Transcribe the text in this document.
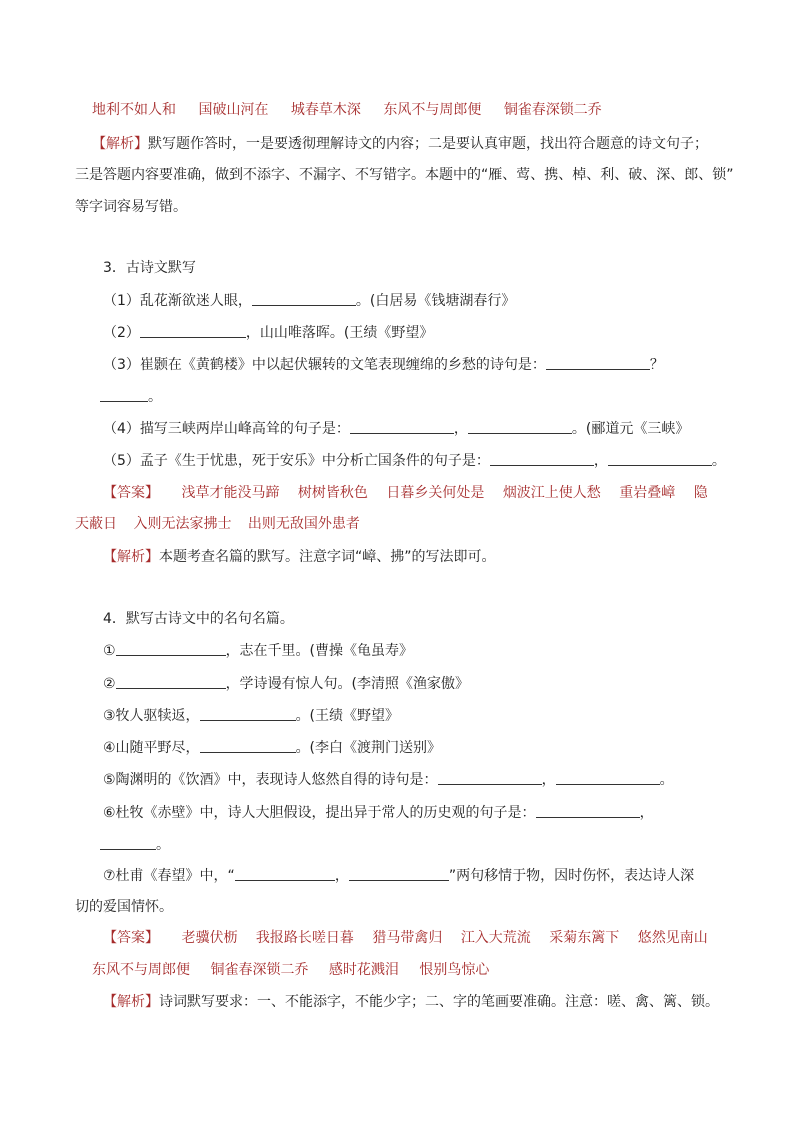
地利不如人和 国破山河在 城春草木深 东风不与周郎便 铜雀春深锁二乔
【解析】默写题作答时，一是要透彻理解诗文的内容；二是要认真审题，找出符合题意的诗文句子；
三是答题内容要准确，做到不添字、不漏字、不写错字。本题中的“雁、莺、携、棹、利、破、深、郎、锁”
等字词容易写错。
3．古诗文默写
（1）乱花渐欲迷人眼，	。(白居易《钱塘湖春行》
（2）	，山山唯落晖。(王绩《野望》
（3）崔颢在《黄鹤楼》中以起伏辗转的文笔表现缠绵的乡愁的诗句是：	？
。
（4）描写三峡两岸山峰高耸的句子是：	，	。(郦道元《三峡》
（5）孟子《生于忧患，死于安乐》中分析亡国条件的句子是：	，	。
【答案】 浅草才能没马蹄 树树皆秋色 日暮乡关何处是 烟波江上使人愁 重岩叠嶂 隐
天蔽日 入则无法家拂士 出则无敌国外患者
【解析】本题考查名篇的默写。注意字词“嶂、拂”的写法即可。
4．默写古诗文中的名句名篇。
①	，志在千里。(曹操《龟虽寿》
②	，学诗谩有惊人句。(李清照《渔家傲》
③牧人驱犊返，	。(王绩《野望》
④山随平野尽，	。(李白《渡荆门送别》
⑤陶渊明的《饮酒》中，表现诗人悠然自得的诗句是：	，	。
⑥杜牧《赤壁》中，诗人大胆假设，提出异于常人的历史观的句子是：	，
。
⑦杜甫《春望》中，“	，	”两句移情于物，因时伤怀，表达诗人深
切的爱国情怀。
【答案】 老骥伏枥 我报路长嗟日暮 猎马带禽归 江入大荒流 采菊东篱下 悠然见南山
东风不与周郎便 铜雀春深锁二乔 感时花溅泪 恨别鸟惊心
【解析】诗词默写要求：一、不能添字，不能少字；二、字的笔画要准确。注意：嗟、禽、篱、锁。
